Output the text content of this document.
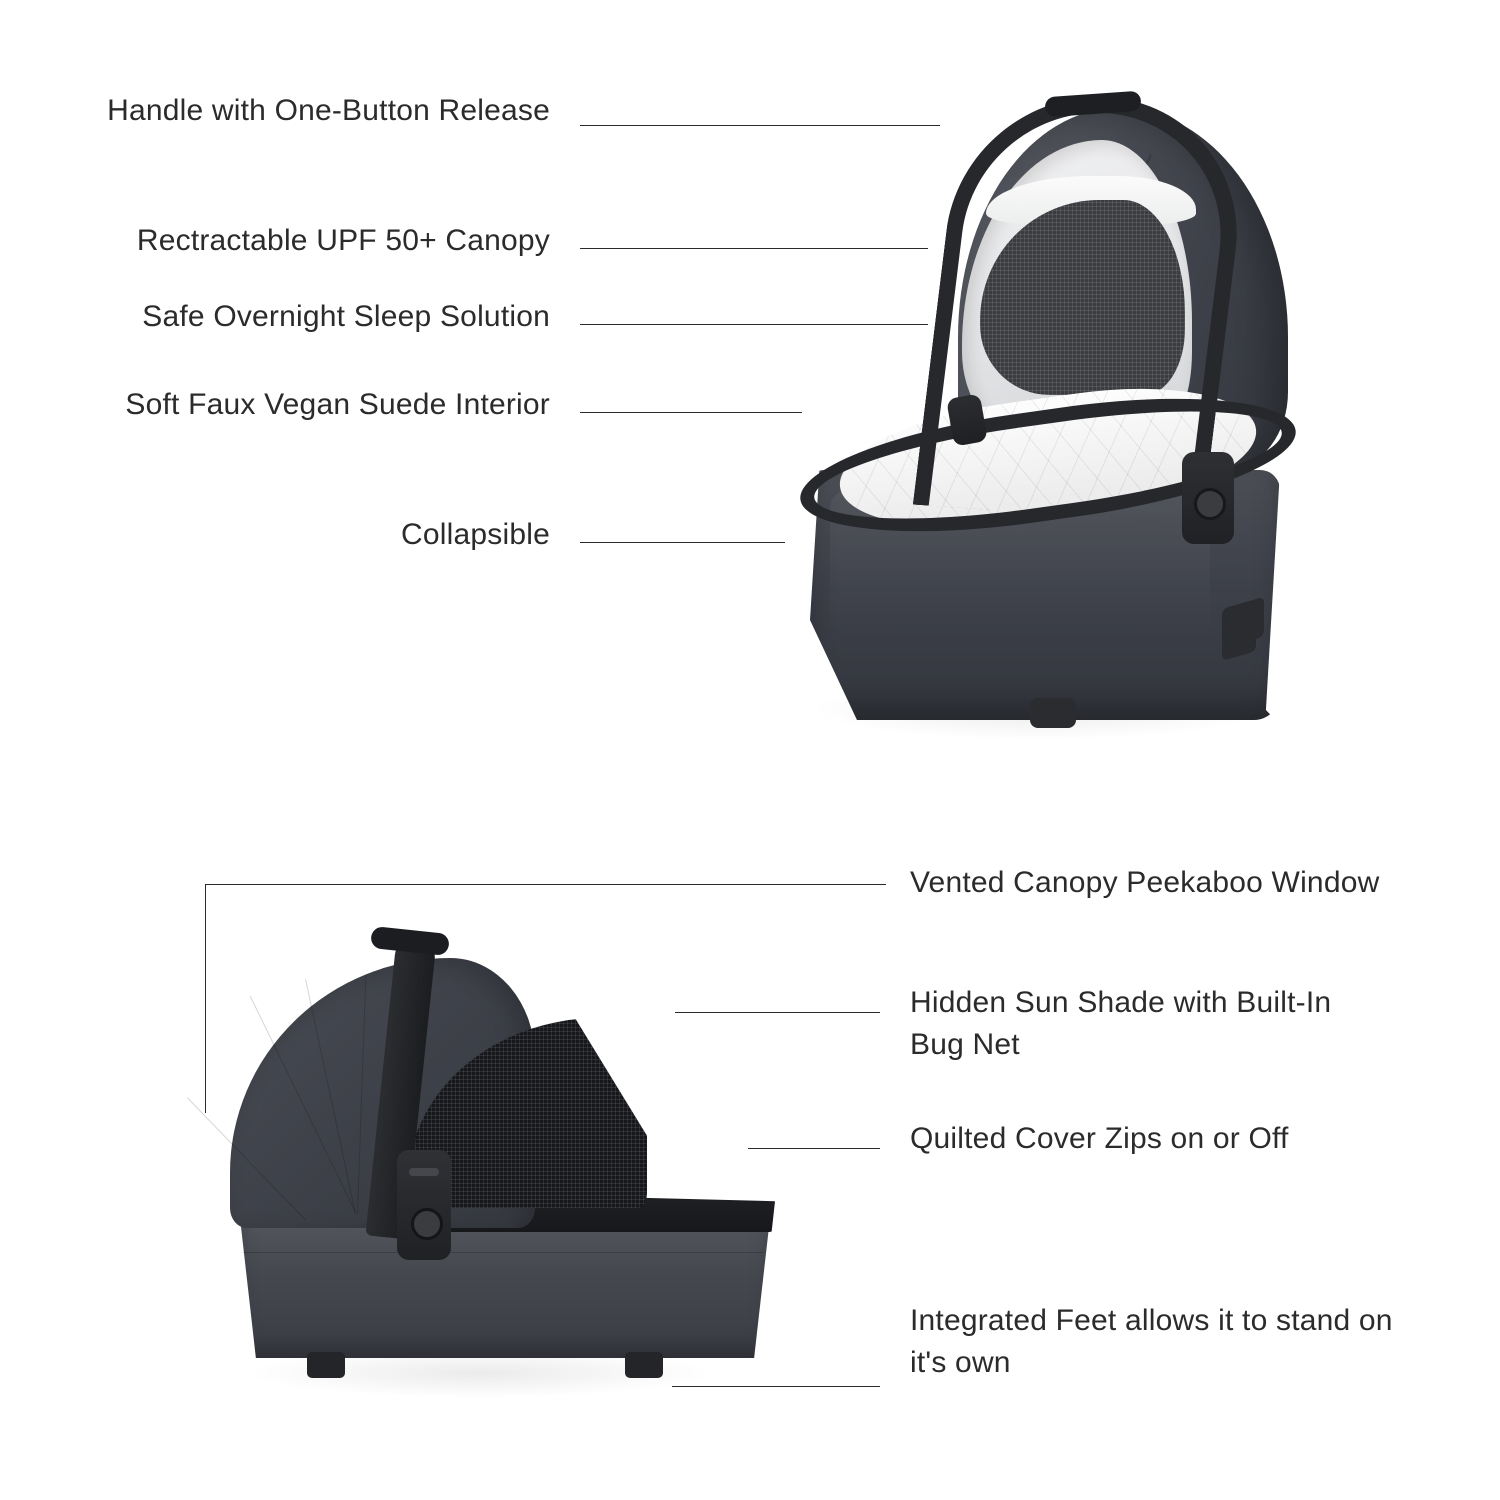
Handle with One-Button Release
Rectractable UPF 50+ Canopy
Safe Overnight Sleep Solution
Soft Faux Vegan Suede Interior
Collapsible
Vented Canopy Peekaboo Window
Hidden Sun Shade with Built-In Bug Net
Quilted Cover Zips on or Off
Integrated Feet allows it to stand on it's own
